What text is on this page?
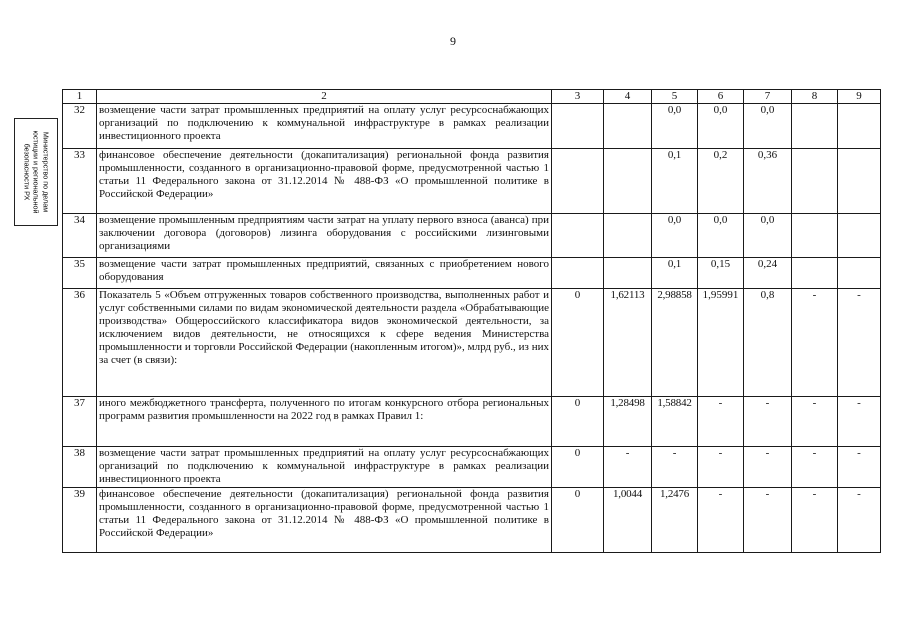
9
Министерство по делам
юстиции и региональной
безопасности РХ
1	2	3	4	5	6	7	8	9
32	возмещение части затрат промышленных предприятий на оплату услуг ресурсоснабжающих организаций по подключению к коммунальной инфраструктуре в рамках реализации инвестиционного проекта			0,0	0,0	0,0		
33	финансовое обеспечение деятельности (докапитализация) региональной фонда развития промышленности, созданного в организационно-правовой форме, предусмотренной частью 1 статьи 11 Федерального закона от 31.12.2014 № 488-ФЗ «О промышленной политике в Российской Федерации»			0,1	0,2	0,36		
34	возмещение промышленным предприятиям части затрат на уплату первого взноса (аванса) при заключении договора (договоров) лизинга оборудования с российскими лизинговыми организациями			0,0	0,0	0,0		
35	возмещение части затрат промышленных предприятий, связанных с приобретением нового оборудования			0,1	0,15	0,24		
36	Показатель 5 «Объем отгруженных товаров собственного производства, выполненных работ и услуг собственными силами по видам экономической деятельности раздела «Обрабатывающие производства» Общероссийского классификатора видов экономической деятельности, за исключением видов деятельности, не относящихся к сфере ведения Министерства промышленности и торговли Российской Федерации (накопленным итогом)», млрд руб., из них за счет (в связи):	0	1,62113	2,98858	1,95991	0,8	-	-
37	иного межбюджетного трансферта, полученного по итогам конкурсного отбора региональных программ развития промышленности на 2022 год в рамках Правил 1:	0	1,28498	1,58842	-	-	-	-
38	возмещение части затрат промышленных предприятий на оплату услуг ресурсоснабжающих организаций по подключению к коммунальной инфраструктуре в рамках реализации инвестиционного проекта	0	-	-	-	-	-	-
39	финансовое обеспечение деятельности (докапитализация) региональной фонда развития промышленности, созданного в организационно-правовой форме, предусмотренной частью 1 статьи 11 Федерального закона от 31.12.2014 № 488-ФЗ «О промышленной политике в Российской Федерации»	0	1,0044	1,2476	-	-	-	-
